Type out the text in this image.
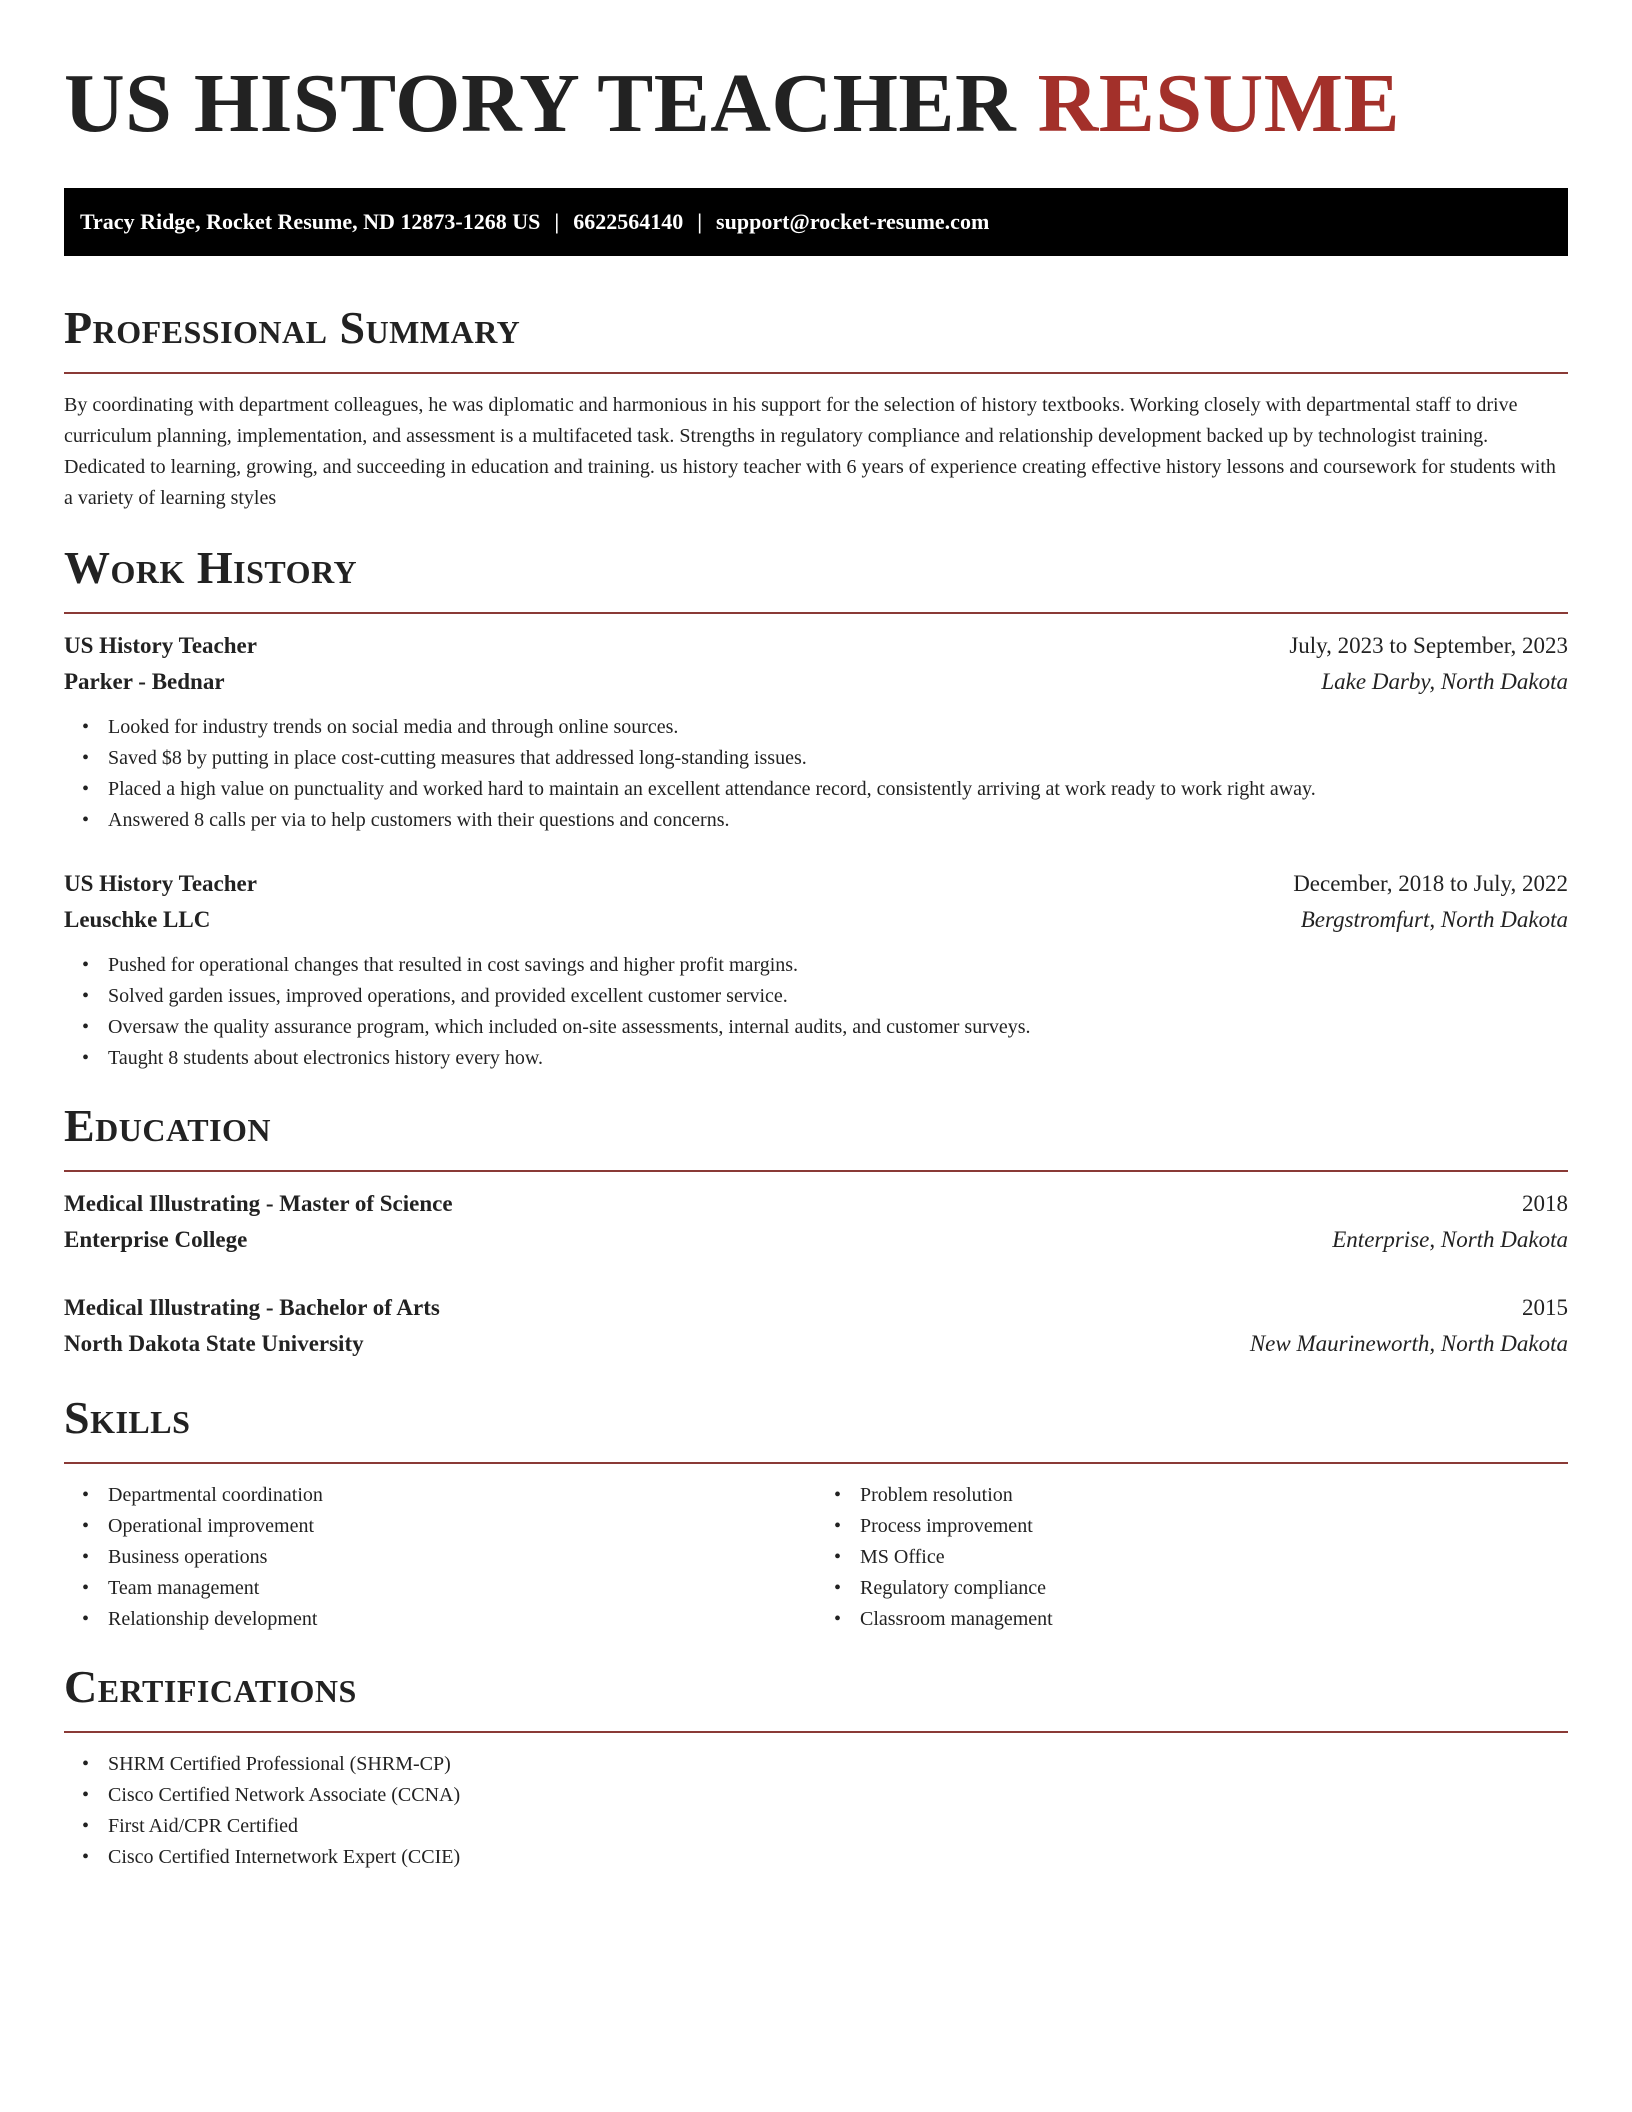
US HISTORY TEACHER RESUME
Tracy Ridge, Rocket Resume, ND 12873-1268 US | 6622564140 | support@rocket-resume.com
Professional Summary

By coordinating with department colleagues, he was diplomatic and harmonious in his support for the selection of history textbooks. Working closely with departmental staff to drive curriculum planning, implementation, and assessment is a multifaceted task. Strengths in regulatory compliance and relationship development backed up by technologist training. Dedicated to learning, growing, and succeeding in education and training. us history teacher with 6 years of experience creating effective history lessons and coursework for students with a variety of learning styles

Work History
US History Teacher	July, 2023 to September, 2023
Parker - Bednar	Lake Darby, North Dakota
• Looked for industry trends on social media and through online sources.
• Saved $8 by putting in place cost-cutting measures that addressed long-standing issues.
• Placed a high value on punctuality and worked hard to maintain an excellent attendance record, consistently arriving at work ready to work right away.
• Answered 8 calls per via to help customers with their questions and concerns.
US History Teacher	December, 2018 to July, 2022
Leuschke LLC	Bergstromfurt, North Dakota
• Pushed for operational changes that resulted in cost savings and higher profit margins.
• Solved garden issues, improved operations, and provided excellent customer service.
• Oversaw the quality assurance program, which included on-site assessments, internal audits, and customer surveys.
• Taught 8 students about electronics history every how.
Education
Medical Illustrating - Master of Science	2018
Enterprise College	Enterprise, North Dakota
Medical Illustrating - Bachelor of Arts	2015
North Dakota State University	New Maurineworth, North Dakota
Skills
• Departmental coordination
• Operational improvement
• Business operations
• Team management
• Relationship development
• Problem resolution
• Process improvement
• MS Office
• Regulatory compliance
• Classroom management
Certifications
• SHRM Certified Professional (SHRM-CP)
• Cisco Certified Network Associate (CCNA)
• First Aid/CPR Certified
• Cisco Certified Internetwork Expert (CCIE)
